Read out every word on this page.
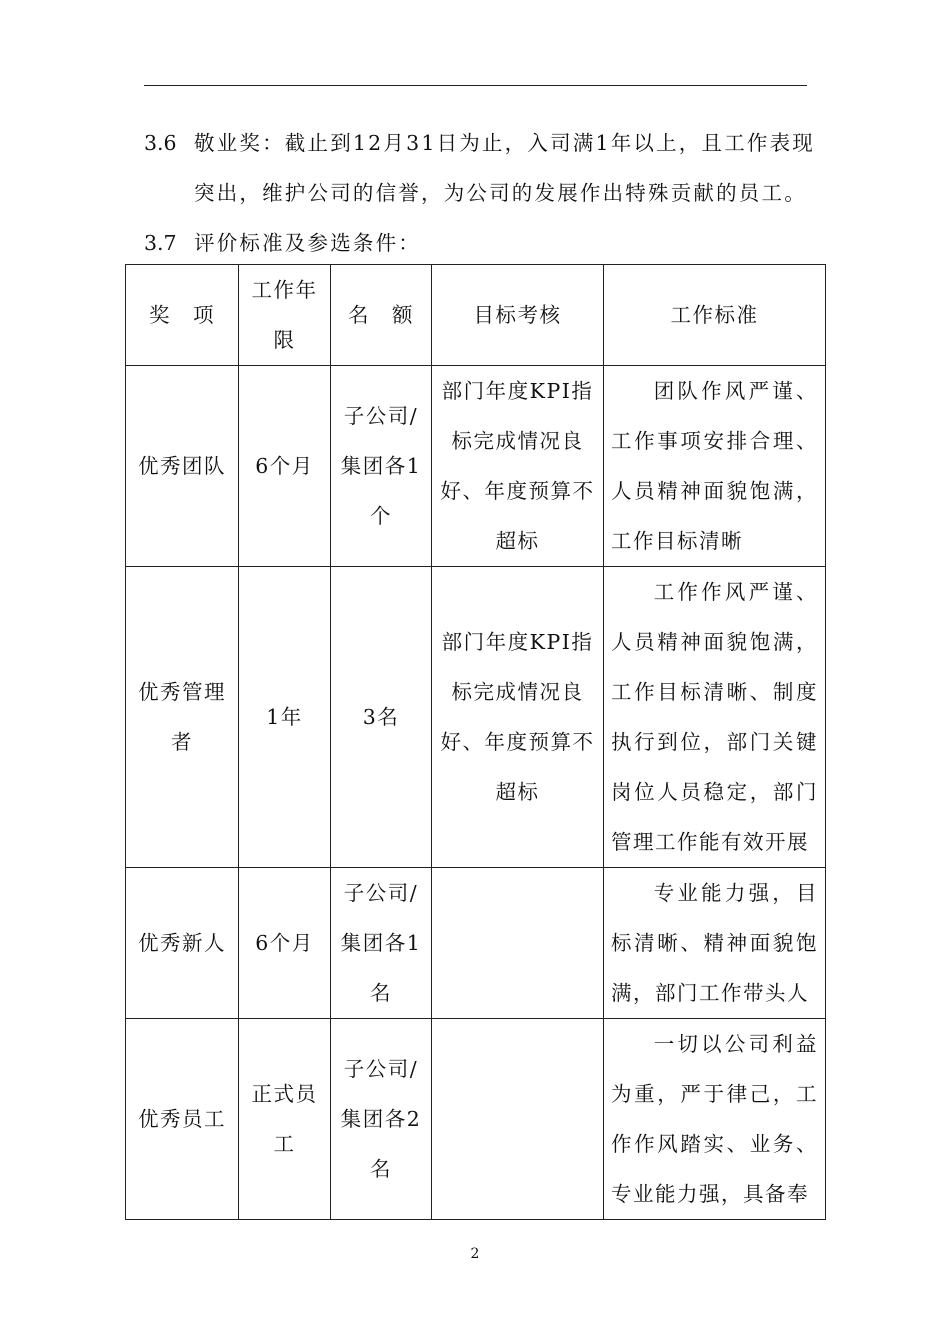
3.6 敬业奖：截止到12月31日为止，入司满1年以上，且工作表现
突出，维护公司的信誉，为公司的发展作出特殊贡献的员工。
3.7 评价标准及参选条件：
奖　项	工作年限	名　额	目标考核	工作标准
优秀团队	6个月	子公司/集团各1个	部门年度KPI指标完成情况良好、年度预算不超标	团队作风严谨、工作事项安排合理、人员精神面貌饱满，工作目标清晰
优秀管理者	1年	3名	部门年度KPI指标完成情况良好、年度预算不超标	工作作风严谨、人员精神面貌饱满，工作目标清晰、制度执行到位，部门关键岗位人员稳定，部门管理工作能有效开展
优秀新人	6个月	子公司/集团各1名		专业能力强，目标清晰、精神面貌饱满，部门工作带头人
优秀员工	正式员工	子公司/集团各2名		一切以公司利益为重，严于律己，工作作风踏实、业务、专业能力强，具备奉
2
